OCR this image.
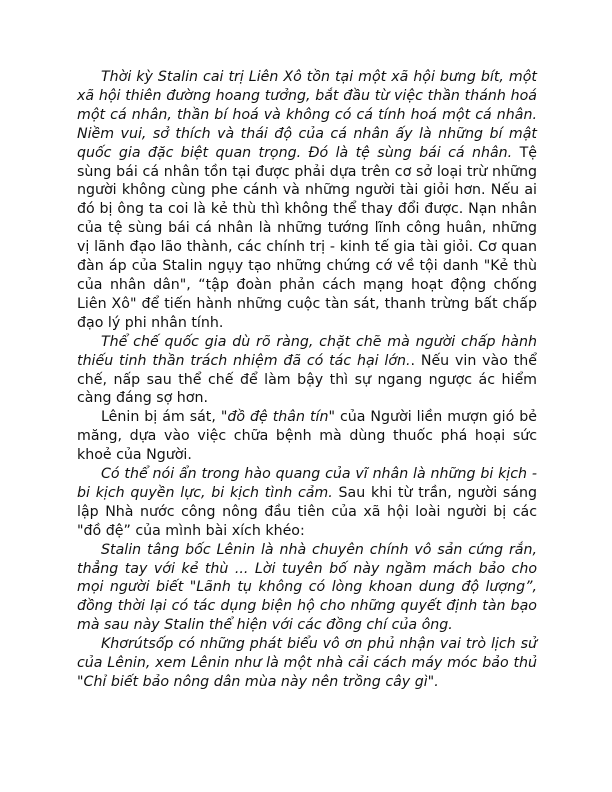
Thời kỳ Stalin cai trị Liên Xô tồn tại một xã hội bưng bít, một xã hội thiên đường hoang tưởng, bắt đầu từ việc thần thánh hoá một cá nhân, thần bí hoá và không có cá tính hoá một cá nhân. Niềm vui, sở thích và thái độ của cá nhân ấy là những bí mật quốc gia đặc biệt quan trọng. Đó là tệ sùng bái cá nhân. Tệ sùng bái cá nhân tồn tại được phải dựa trên cơ sở loại trừ những người không cùng phe cánh và những người tài giỏi hơn. Nếu ai đó bị ông ta coi là kẻ thù thì không thể thay đổi được. Nạn nhân của tệ sùng bái cá nhân là những tướng lĩnh công huân, những vị lãnh đạo lão thành, các chính trị - kinh tế gia tài giỏi. Cơ quan đàn áp của Stalin ngụy tạo những chứng cớ về tội danh "Kẻ thù của nhân dân", “tập đoàn phản cách mạng hoạt động chống Liên Xô" để tiến hành những cuộc tàn sát, thanh trừng bất chấp đạo lý phi nhân tính.

Thể chế quốc gia dù rõ ràng, chặt chẽ mà người chấp hành thiếu tinh thần trách nhiệm đã có tác hại lớn.. Nếu vin vào thể chế, nấp sau thể chế để làm bậy thì sự ngang ngược ác hiểm càng đáng sợ hơn.

Lênin bị ám sát, "đồ đệ thân tín" của Người liền mượn gió bẻ măng, dựa vào việc chữa bệnh mà dùng thuốc phá hoại sức khoẻ của Người.

Có thể nói ẩn trong hào quang của vĩ nhân là những bi kịch - bi kịch quyền lực, bi kịch tình cảm. Sau khi từ trần, người sáng lập Nhà nước công nông đầu tiên của xã hội loài người bị các "đồ đệ” của mình bài xích khéo:

Stalin tâng bốc Lênin là nhà chuyên chính vô sản cứng rắn, thẳng tay với kẻ thù ... Lời tuyên bố này ngầm mách bảo cho mọi người biết "Lãnh tụ không có lòng khoan dung độ lượng”, đồng thời lại có tác dụng biện hộ cho những quyết định tàn bạo mà sau này Stalin thể hiện với các đồng chí của ông.

Khơrútsốp có những phát biểu vô ơn phủ nhận vai trò lịch sử của Lênin, xem Lênin như là một nhà cải cách máy móc bảo thủ "Chỉ biết bảo nông dân mùa này nên trồng cây gì".
